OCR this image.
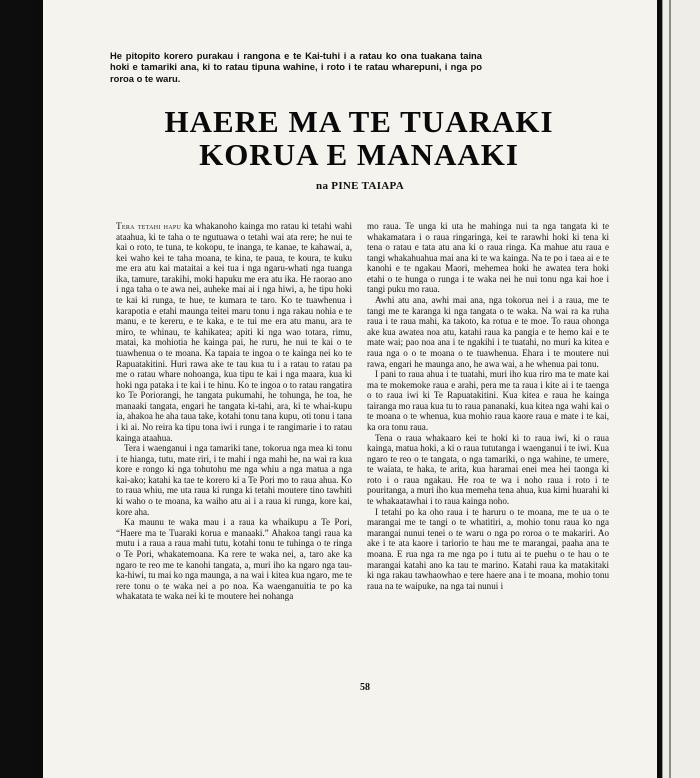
He pitopito korero purakau i rangona e te Kai-tuhi i a ratau ko ona tuakana taina hoki e tamariki ana, ki to ratau tipuna wahine, i roto i te ratau wharepuni, i nga po roroa o te waru.
HAERE MA TE TUARAKI
KORUA E MANAAKI
na PINE TAIAPA

Tera tetahi hapu ka whakanoho kainga mo ratau ki tetahi wahi ataahua, ki te taha o te ngutuawa o tetahi wai ata rere; he nui te kai o roto, te tuna, te kokopu, te inanga, te kanae, te kahawai, a, kei waho kei te taha moana, te kina, te paua, te koura, te kuku me era atu kai mataitai a kei tua i nga ngaru-whati nga tuanga ika, tamure, tarakihi, moki hapuku me era atu ika. He raorao ano i nga taha o te awa nei, auheke mai ai i nga hiwi, a, he tipu hoki te kai ki runga, te hue, te kumara te taro. Ko te tuawhenua i karapotia e etahi maunga teitei maru tonu i nga rakau nohia e te manu, e te kereru, e te kaka, e te tui me era atu manu, ara te miro, te whinau, te kahikatea; apiti ki nga wao totara, rimu, matai, ka mohiotia he kainga pai, he ruru, he nui te kai o te tuawhenua o te moana. Ka tapaia te ingoa o te kainga nei ko te Rapuatakitini. Huri rawa ake te tau kua tu i a ratau to ratau pa me o ratau whare nohoanga, kua tipu te kai i nga maara, kua ki hoki nga pataka i te kai i te hinu. Ko te ingoa o to ratau rangatira ko Te Poriorangi, he tangata pukumahi, he tohunga, he toa, he manaaki tangata, engari he tangata ki-tahi, ara, ki te whai-kupu ia, ahakoa he aha taua take, kotahi tonu tana kupu, oti tonu i tana i ki ai. No reira ka tipu tona iwi i runga i te rangimarie i to ratau kainga ataahua.

Tera i waenganui i nga tamariki tane, tokorua nga mea ki tonu i te hianga, tutu, mate riri, i te mahi i nga mahi he, na wai ra kua kore e rongo ki nga tohutohu me nga whiu a nga matua a nga kai-ako; katahi ka tae te korero ki a Te Pori mo to raua ahua. Ko to raua whiu, me uta raua ki runga ki tetahi moutere tino tawhiti ki waho o te moana, ka waiho atu ai i a raua ki runga, kore kai, kore aha.

Ka maunu te waka mau i a raua ka whaikupu a Te Pori, “Haere ma te Tuaraki korua e manaaki.” Ahakoa tangi raua ka mutu i a raua a raua mahi tutu, kotahi tonu te tuhinga o te ringa o Te Pori, whakatemoana. Ka rere te waka nei, a, taro ake ka ngaro te reo me te kanohi tangata, a, muri iho ka ngaro nga tau-ka-hiwi, tu mai ko nga maunga, a na wai i kitea kua ngaro, me te rere tonu o te waka nei a po noa. Ka waenganuitia te po ka whakatata te waka nei ki te moutere hei nohanga

mo raua. Te unga ki uta he mahinga nui ta nga tangata ki te whakamatara i o raua ringaringa, kei te rarawhi hoki ki tena ki tena o ratau e tata atu ana ki o raua ringa. Ka mahue atu raua e tangi whakahuahua mai ana ki te wa kainga. Na te po i taea ai e te kanohi e te ngakau Maori, mehemea hoki he awatea tera hoki etahi o te hunga o runga i te waka nei he nui tonu nga kai hoe i tangi puku mo raua.

Awhi atu ana, awhi mai ana, nga tokorua nei i a raua, me te tangi me te karanga ki nga tangata o te waka. Na wai ra ka ruha raua i te raua mahi, ka takoto, ka rotua e te moe. To raua ohonga ake kua awatea noa atu, katahi raua ka pangia e te hemo kai e te mate wai; pao noa ana i te ngakihi i te tuatahi, no muri ka kitea e raua nga o o te moana o te tuawhenua. Ehara i te moutere nui rawa, engari he maunga ano, he awa wai, a he whenua pai tonu.

I pani to raua ahua i te tuatahi, muri iho kua riro ma te mate kai ma te mokemoke raua e arahi, pera me ta raua i kite ai i te taenga o to raua iwi ki Te Rapuatakitini. Kua kitea e raua he kainga tairanga mo raua kua tu to raua pananaki, kua kitea nga wahi kai o te moana o te whenua, kua mohio raua kaore raua e mate i te kai, ka ora tonu raua.

Tena o raua whakaaro kei te hoki ki to raua iwi, ki o raua kainga, matua hoki, a ki o raua tututanga i waenganui i te iwi. Kua ngaro te reo o te tangata, o nga tamariki, o nga wahine, te umere, te waiata, te haka, te arita, kua haramai enei mea hei taonga ki roto i o raua ngakau. He roa te wa i noho raua i roto i te pouritanga, a muri iho kua memeha tena ahua, kua kimi huarahi ki te whakaatawhai i to raua kainga noho.

I tetahi po ka oho raua i te haruru o te moana, me te ua o te marangai me te tangi o te whatitiri, a, mohio tonu raua ko nga marangai nunui tenei o te waru o nga po roroa o te makariri. Ao ake i te ata kaore i tariorio te hau me te marangai, paaha ana te moana. E rua nga ra me nga po i tutu ai te puehu o te hau o te marangai katahi ano ka tau te marino. Katahi raua ka matakitaki ki nga rakau tawhaowhao e tere haere ana i te moana, mohio tonu raua na te waipuke, na nga tai nunui i

58
